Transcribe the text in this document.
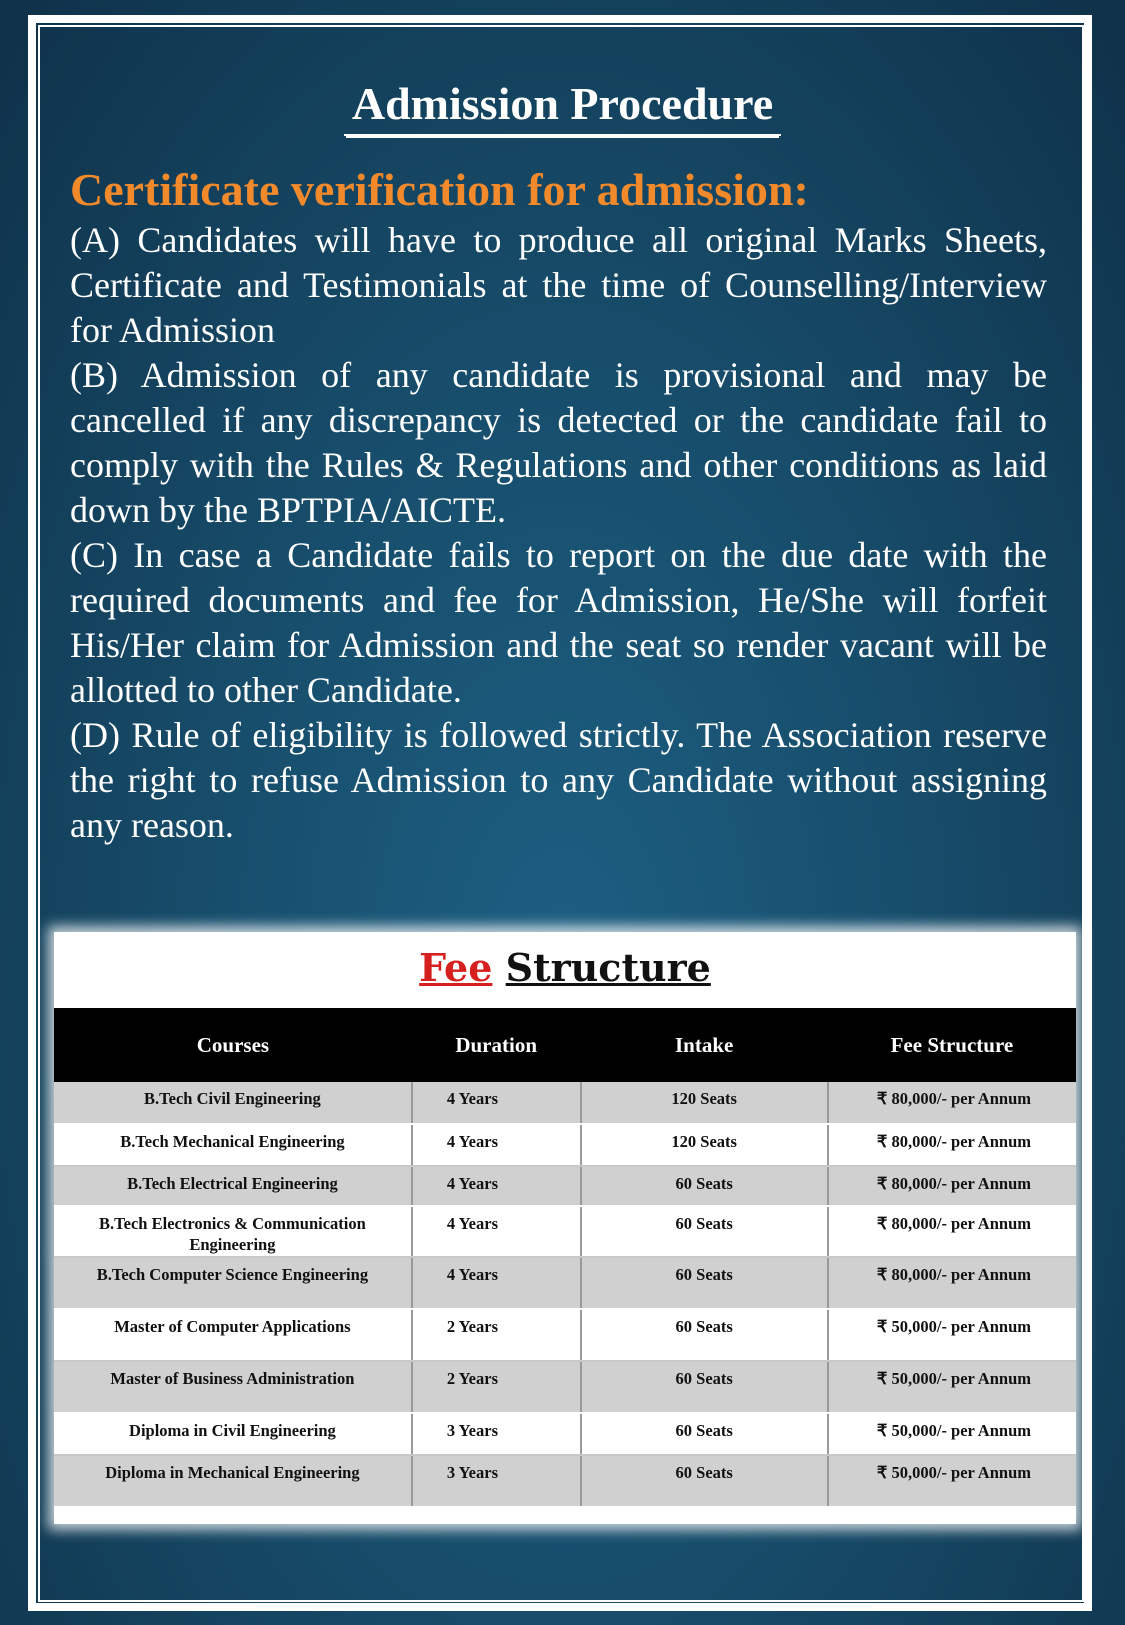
Admission Procedure

Certificate verification for admission:

(A) Candidates will have to produce all original Marks Sheets, Certificate and Testimonials at the time of Counselling/Interview for Admission

(B) Admission of any candidate is provisional and may be cancelled if any discrepancy is detected or the candidate fail to comply with the Rules & Regulations and other conditions as laid down by the BPTPIA/AICTE.

(C) In case a Candidate fails to report on the due date with the required documents and fee for Admission, He/She will forfeit His/Her claim for Admission and the seat so render vacant will be allotted to other Candidate.

(D) Rule of eligibility is followed strictly. The Association reserve the right to refuse Admission to any Candidate without assigning any reason.

Fee Structure
Courses	Duration	Intake	Fee Structure
B.Tech Civil Engineering	4 Years	120 Seats	₹ 80,000/- per Annum
B.Tech Mechanical Engineering	4 Years	120 Seats	₹ 80,000/- per Annum
B.Tech Electrical Engineering	4 Years	60 Seats	₹ 80,000/- per Annum
B.Tech Electronics & Communication Engineering	4 Years	60 Seats	₹ 80,000/- per Annum
B.Tech Computer Science Engineering	4 Years	60 Seats	₹ 80,000/- per Annum
Master of Computer Applications	2 Years	60 Seats	₹ 50,000/- per Annum
Master of Business Administration	2 Years	60 Seats	₹ 50,000/- per Annum
Diploma in Civil Engineering	3 Years	60 Seats	₹ 50,000/- per Annum
Diploma in Mechanical Engineering	3 Years	60 Seats	₹ 50,000/- per Annum
